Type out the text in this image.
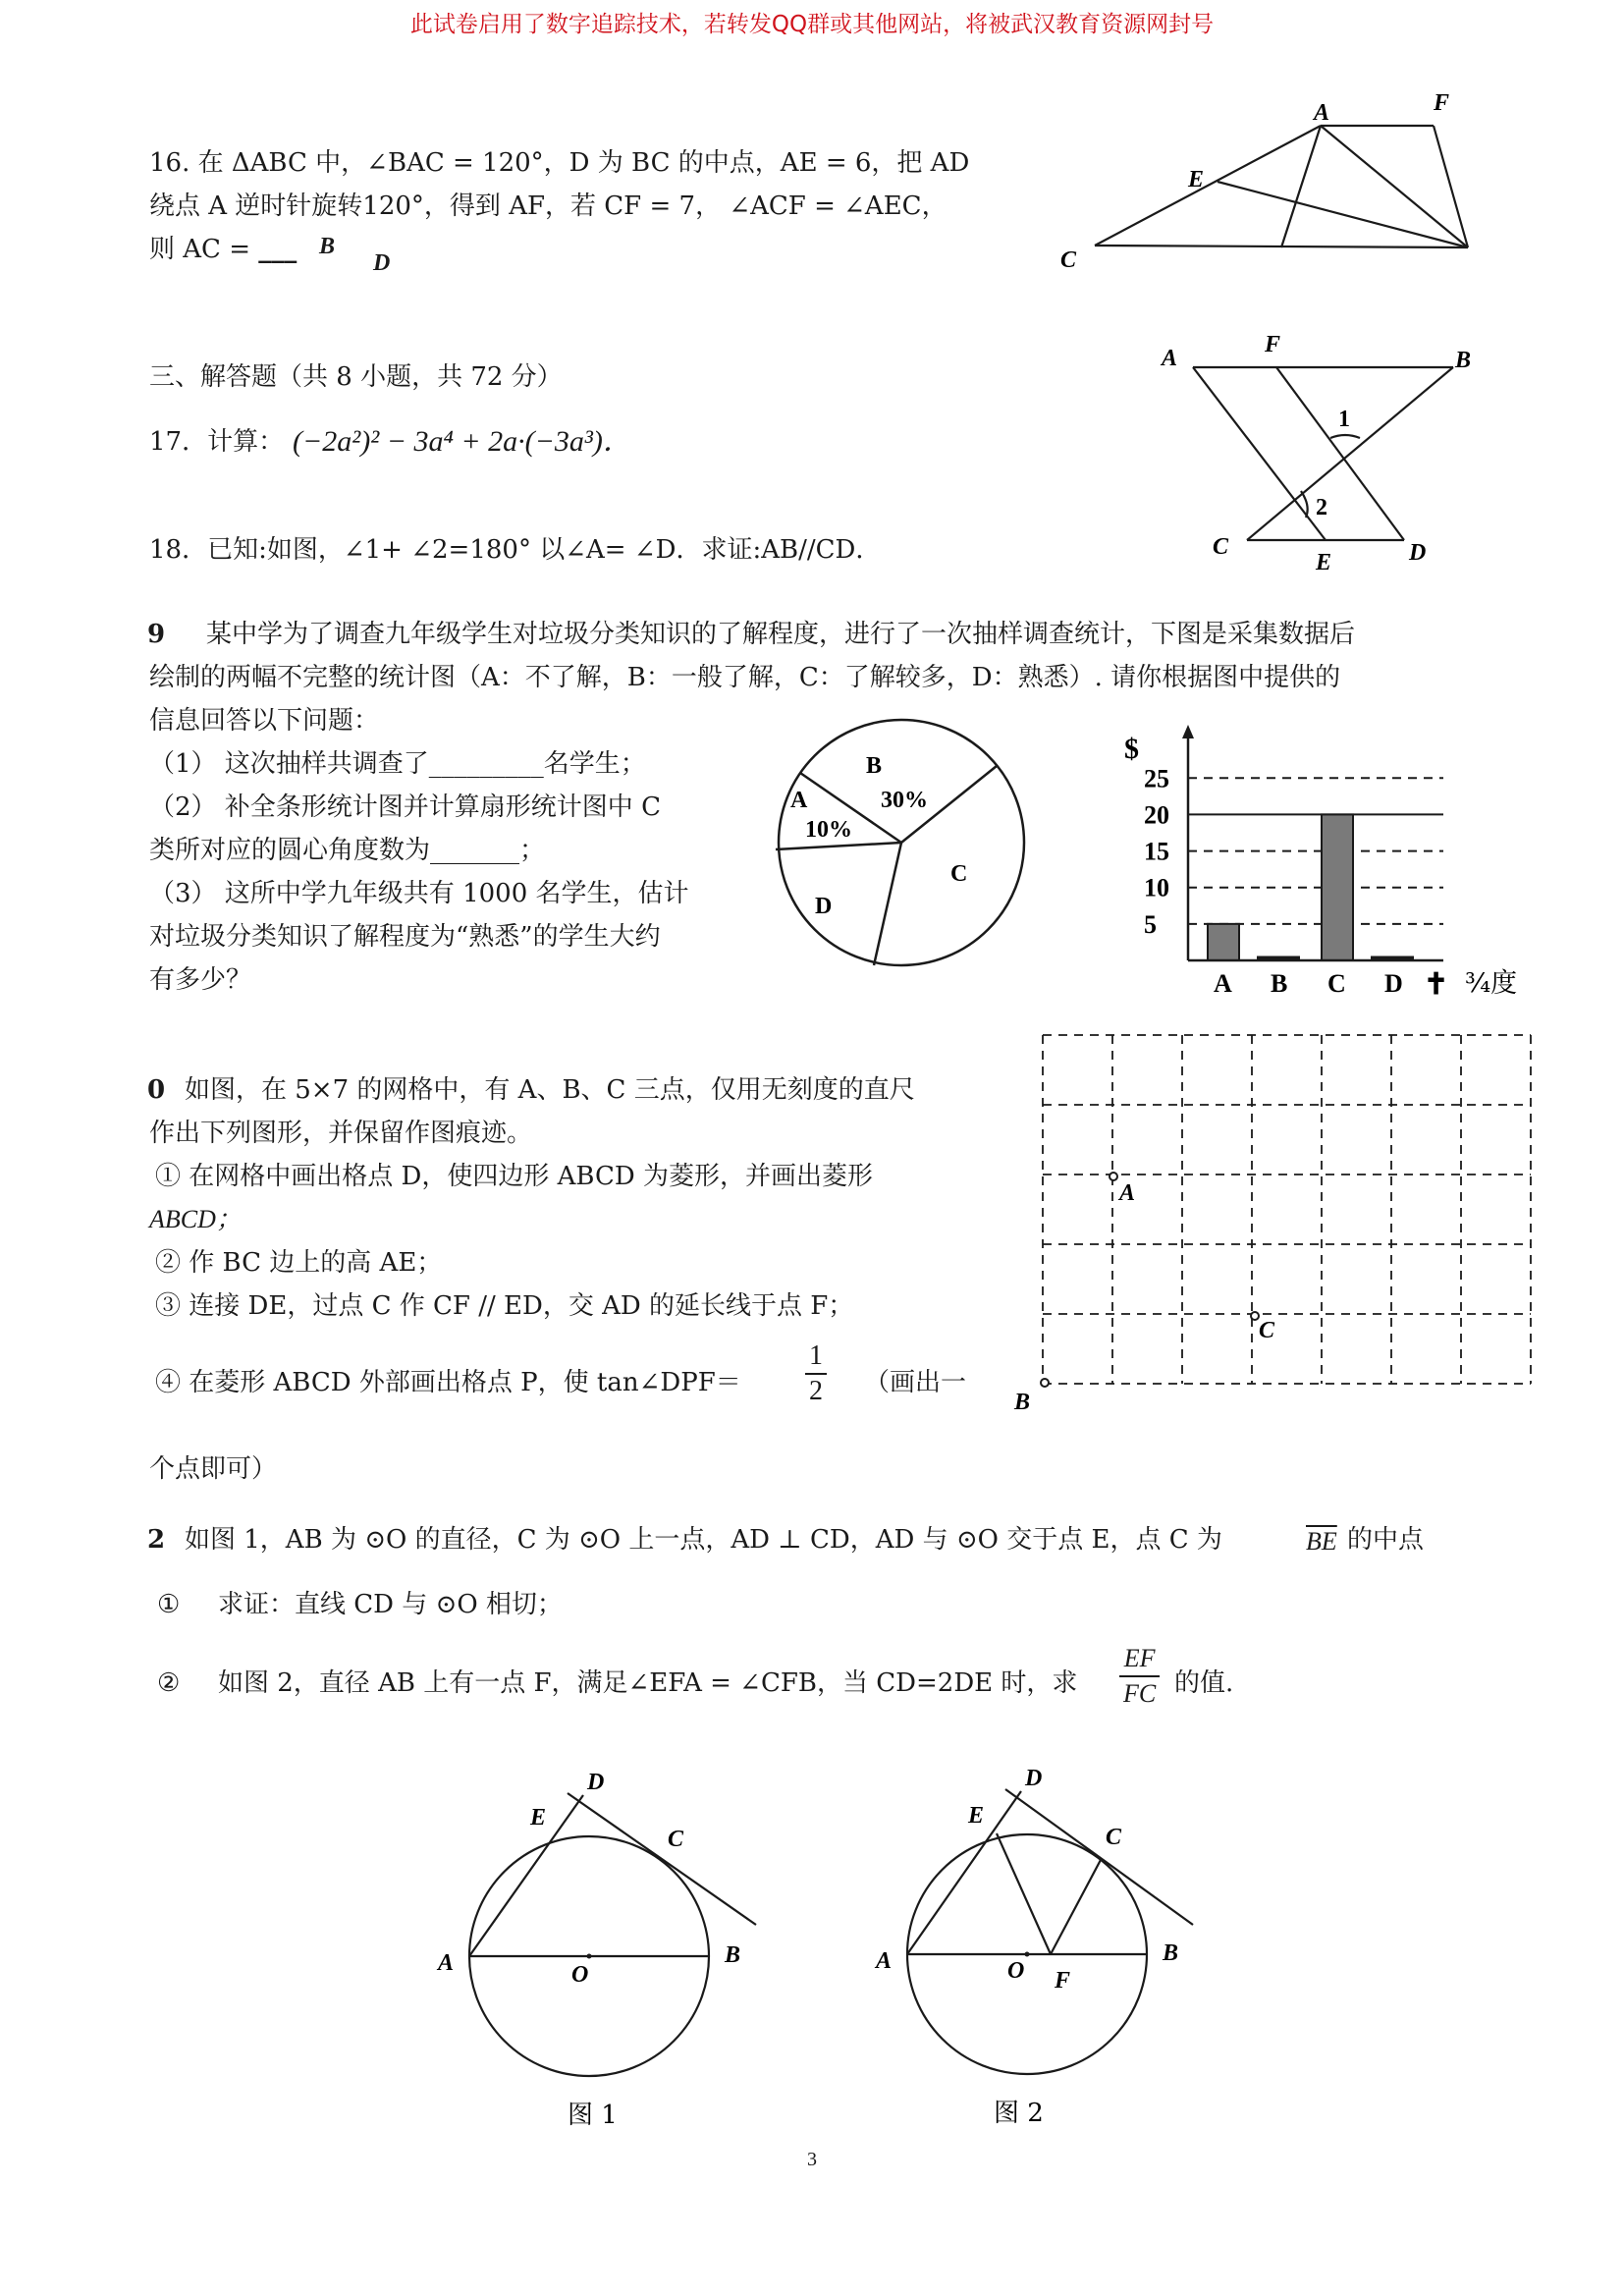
此试卷启用了数字追踪技术，若转发QQ群或其他网站，将被武汉教育资源网封号
16. 在 ΔABC 中，∠BAC = 120°，D 为 BC 的中点，AE = 6，把 AD
绕点 A 逆时针旋转120°，得到 AF，若 CF = 7， ∠ACF = ∠AEC，
则 AC = ___ B
D
A	F
E
C
三、解答题（共 8 小题，共 72 分）
17．计算： (−2a²)² − 3a⁴ + 2a·(−3a³)．
18．已知:如图，∠1+ ∠2=180° 以∠A= ∠D．求证:AB//CD．
A
F
B
1
2
C
E	D
9 某中学为了调查九年级学生对垃圾分类知识的了解程度，进行了一次抽样调查统计，下图是采集数据后
绘制的两幅不完整的统计图（A：不了解，B：一般了解，C：了解较多，D：熟悉）. 请你根据图中提供的
信息回答以下问题：
（1） 这次抽样共调查了_________名学生；
（2） 补全条形统计图并计算扇形统计图中 C
类所对应的圆心角度数为_______；
（3） 这所中学九年级共有 1000 名学生，估计
对垃圾分类知识了解程度为“熟悉”的学生大约
有多少？
B
30%
A
10%
C
D
5
10
15
20
25
A B C D
$
✝ ¾度
0 如图，在 5×7 的网格中，有 A、B、C 三点，仅用无刻度的直尺
作出下列图形，并保留作图痕迹。
① 在网格中画出格点 D，使四边形 ABCD 为菱形，并画出菱形
ABCD；
② 作 BC 边上的高 AE；
③ 连接 DE，过点 C 作 CF // ED，交 AD 的延长线于点 F；
④ 在菱形 ABCD 外部画出格点 P，使 tan∠DPF＝ $\frac{1}{2}$ （画出一
个点即可）
A
C
B
2 如图 1，AB 为 ⊙O 的直径，C 为 ⊙O 上一点，AD ⊥ CD，AD 与 ⊙O 交于点 E，点 C 为	$\overline{BE}$ 的中点
① 求证：直线 CD 与 ⊙O 相切；
② 如图 2，直径 AB 上有一点 F，满足∠EFA = ∠CFB，当 CD=2DE 时，求 $\frac{EF}{FC}$ 的值.
D
E
C
A	O
B
图 1
D
E
C
A	O F
B
图 2
3
